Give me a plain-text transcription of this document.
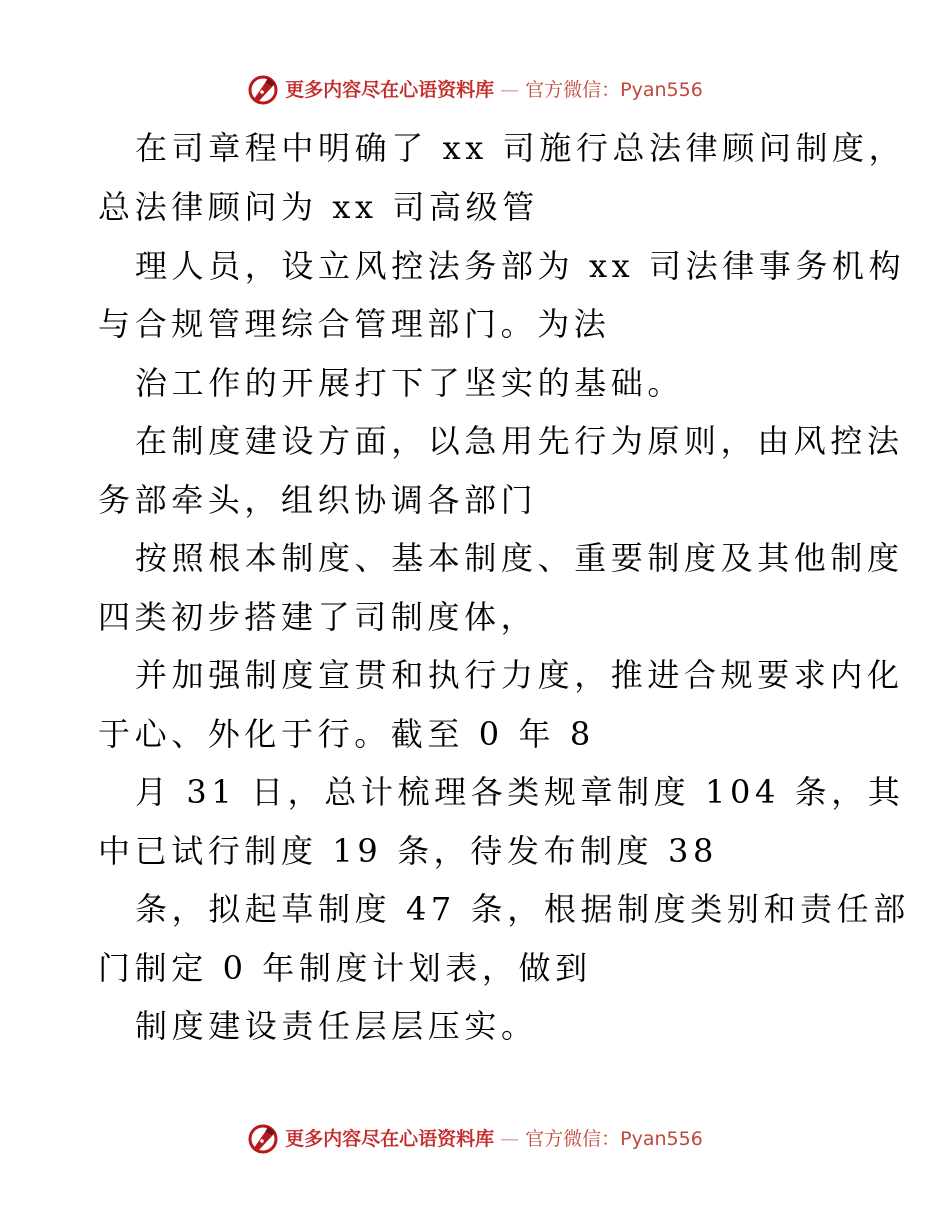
更多内容尽在心语资料库 — 官方微信：Pyan556
在司章程中明确了 xx 司施行总法律顾问制度，
总法律顾问为 xx 司高级管
理人员，设立风控法务部为 xx 司法律事务机构
与合规管理综合管理部门。为法
治工作的开展打下了坚实的基础。
在制度建设方面，以急用先行为原则，由风控法
务部牵头，组织协调各部门
按照根本制度、基本制度、重要制度及其他制度
四类初步搭建了司制度体，
并加强制度宣贯和执行力度，推进合规要求内化
于心、外化于行。截至 0 年 8
月 31 日，总计梳理各类规章制度 104 条，其
中已试行制度 19 条，待发布制度 38
条，拟起草制度 47 条，根据制度类别和责任部
门制定 0 年制度计划表，做到
制度建设责任层层压实。
更多内容尽在心语资料库 — 官方微信：Pyan556
